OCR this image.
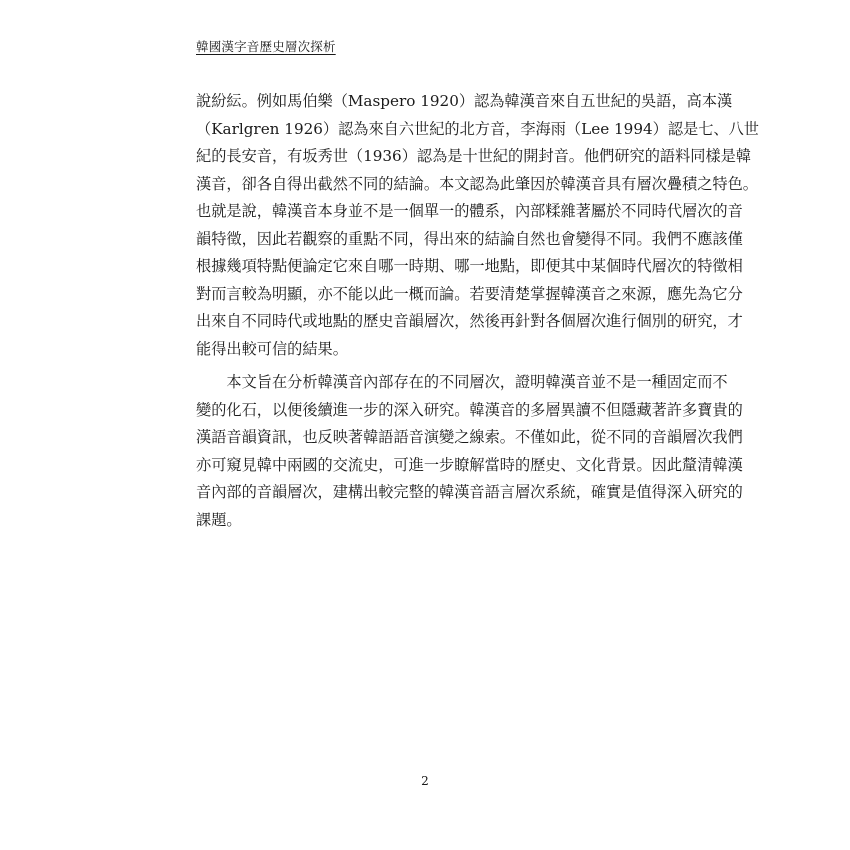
韓國漢字音歷史層次探析
說紛紜。例如馬伯樂（Maspero 1920）認為韓漢音來自五世紀的吳語，高本漢
（Karlgren 1926）認為來自六世紀的北方音，李海雨（Lee 1994）認是七、八世
紀的長安音，有坂秀世（1936）認為是十世紀的開封音。他們研究的語料同樣是韓
漢音，卻各自得出截然不同的結論。本文認為此肇因於韓漢音具有層次疊積之特色。
也就是說，韓漢音本身並不是一個單一的體系，內部糅雜著屬於不同時代層次的音
韻特徵，因此若觀察的重點不同，得出來的結論自然也會變得不同。我們不應該僅
根據幾項特點便論定它來自哪一時期、哪一地點，即便其中某個時代層次的特徵相
對而言較為明顯，亦不能以此一概而論。若要清楚掌握韓漢音之來源，應先為它分
出來自不同時代或地點的歷史音韻層次，然後再針對各個層次進行個別的研究，才
能得出較可信的結果。
　　本文旨在分析韓漢音內部存在的不同層次，證明韓漢音並不是一種固定而不
變的化石，以便後續進一步的深入研究。韓漢音的多層異讀不但隱藏著許多寶貴的
漢語音韻資訊，也反映著韓語語音演變之線索。不僅如此，從不同的音韻層次我們
亦可窺見韓中兩國的交流史，可進一步瞭解當時的歷史、文化背景。因此釐清韓漢
音內部的音韻層次，建構出較完整的韓漢音語言層次系統，確實是值得深入研究的
課題。
2
